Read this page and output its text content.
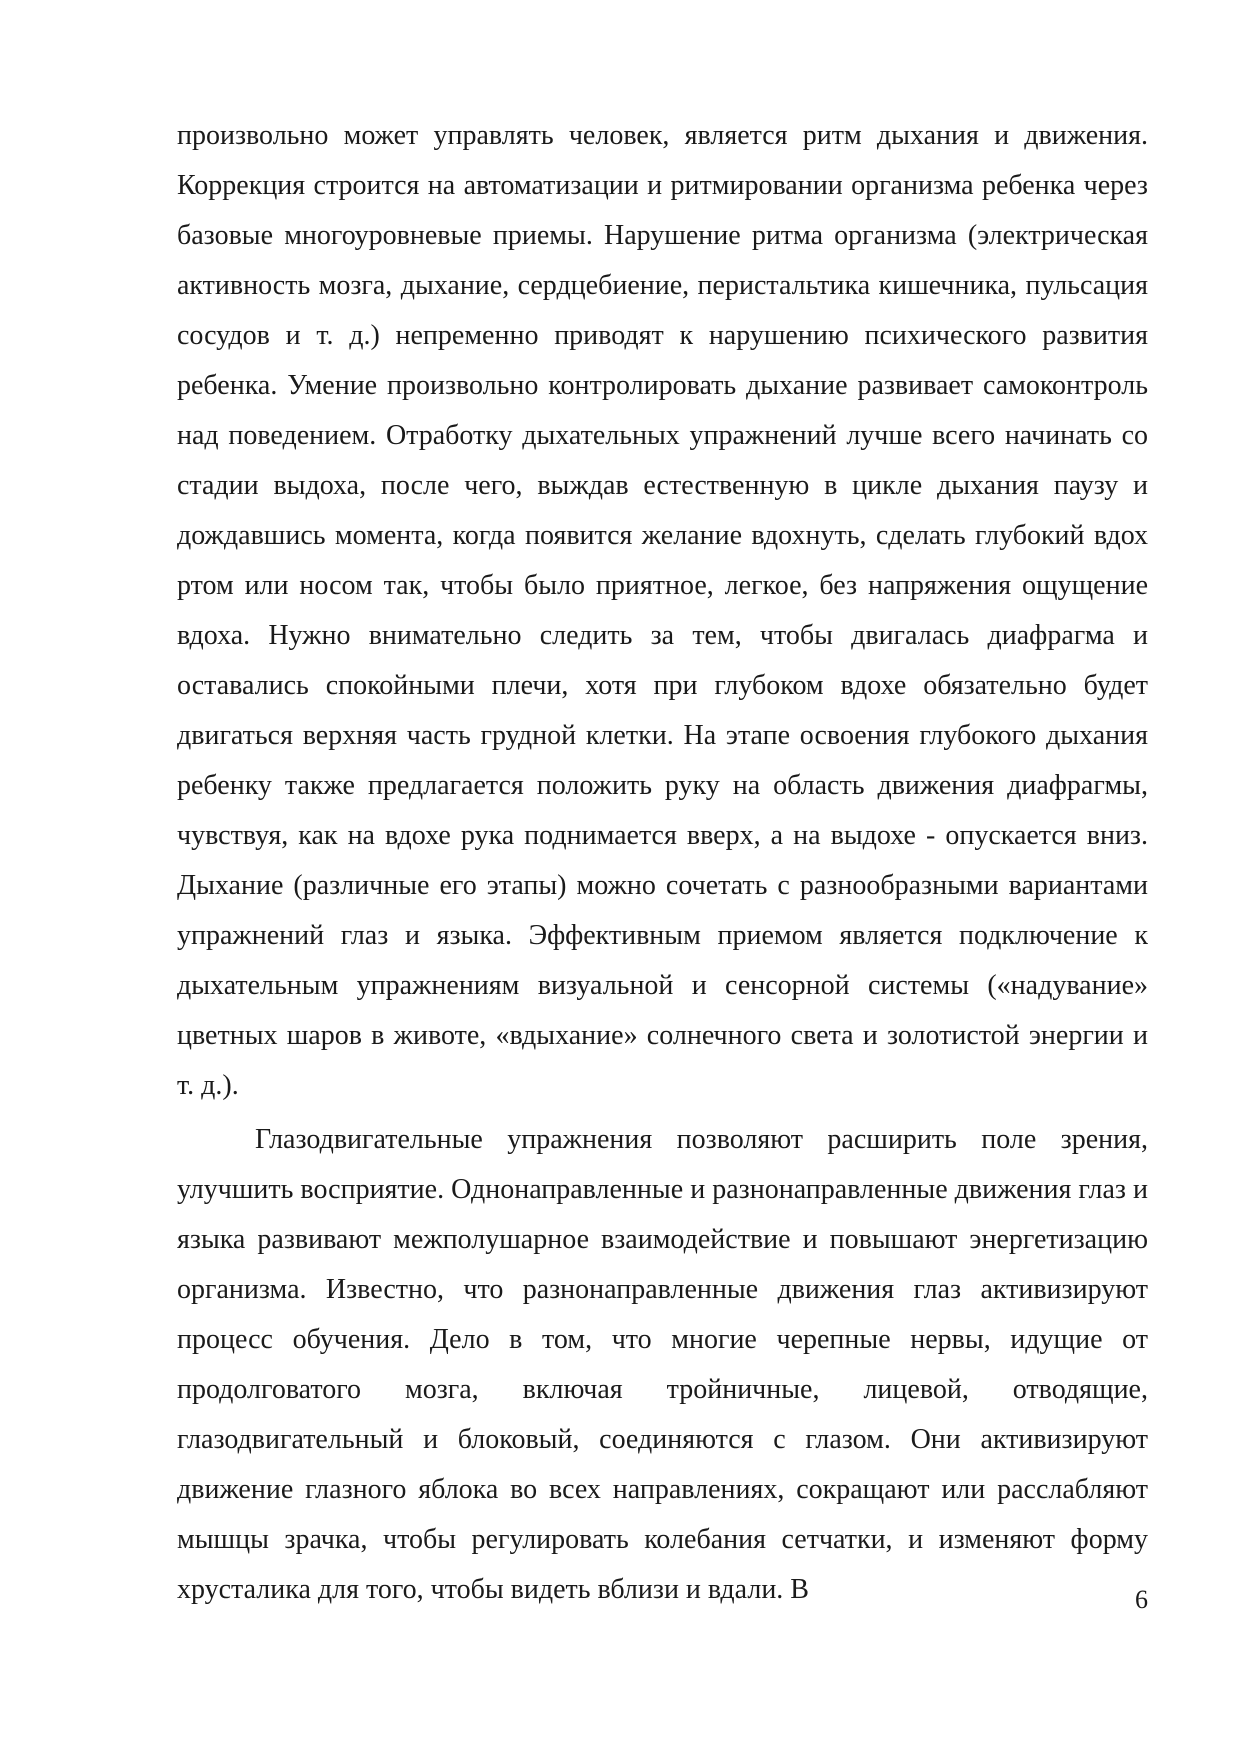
произвольно может управлять человек, является ритм дыхания и движения. Коррекция строится на автоматизации и ритмировании организма ребенка через базовые многоуровневые приемы. Нарушение ритма организма (электрическая активность мозга, дыхание, сердцебиение, перистальтика кишечника, пульсация сосудов и т. д.) непременно приводят к нарушению психического развития ребенка. Умение произвольно контролировать дыхание развивает самоконтроль над поведением. Отработку дыхательных упражнений лучше всего начинать со стадии выдоха, после чего, выждав естественную в цикле дыхания паузу и дождавшись момента, когда появится желание вдохнуть, сделать глубокий вдох ртом или носом так, чтобы было приятное, легкое, без напряжения ощущение вдоха. Нужно внимательно следить за тем, чтобы двигалась диафрагма и оставались спокойными плечи, хотя при глубоком вдохе обязательно будет двигаться верхняя часть грудной клетки. На этапе освоения глубокого дыхания ребенку также предлагается положить руку на область движения диафрагмы, чувствуя, как на вдохе рука поднимается вверх, а на выдохе - опускается вниз. Дыхание (различные его этапы) можно сочетать с разнообразными вариантами упражнений глаз и языка. Эффективным приемом является подключение к дыхательным упражнениям визуальной и сенсорной системы («надувание» цветных шаров в животе, «вдыхание» солнечного света и золотистой энергии и т. д.).

Глазодвигательные упражнения позволяют расширить поле зрения, улучшить восприятие. Однонаправленные и разнонаправленные движения глаз и языка развивают межполушарное взаимодействие и повышают энергетизацию организма. Известно, что разнонаправленные движения глаз активизируют процесс обучения. Дело в том, что многие черепные нервы, идущие от продолговатого мозга, включая тройничные, лицевой, отводящие, глазодвигательный и блоковый, соединяются с глазом. Они активизируют движение глазного яблока во всех направлениях, сокращают или расслабляют мышцы зрачка, чтобы регулировать колебания сетчатки, и изменяют форму хрусталика для того, чтобы видеть вблизи и вдали. В	6
